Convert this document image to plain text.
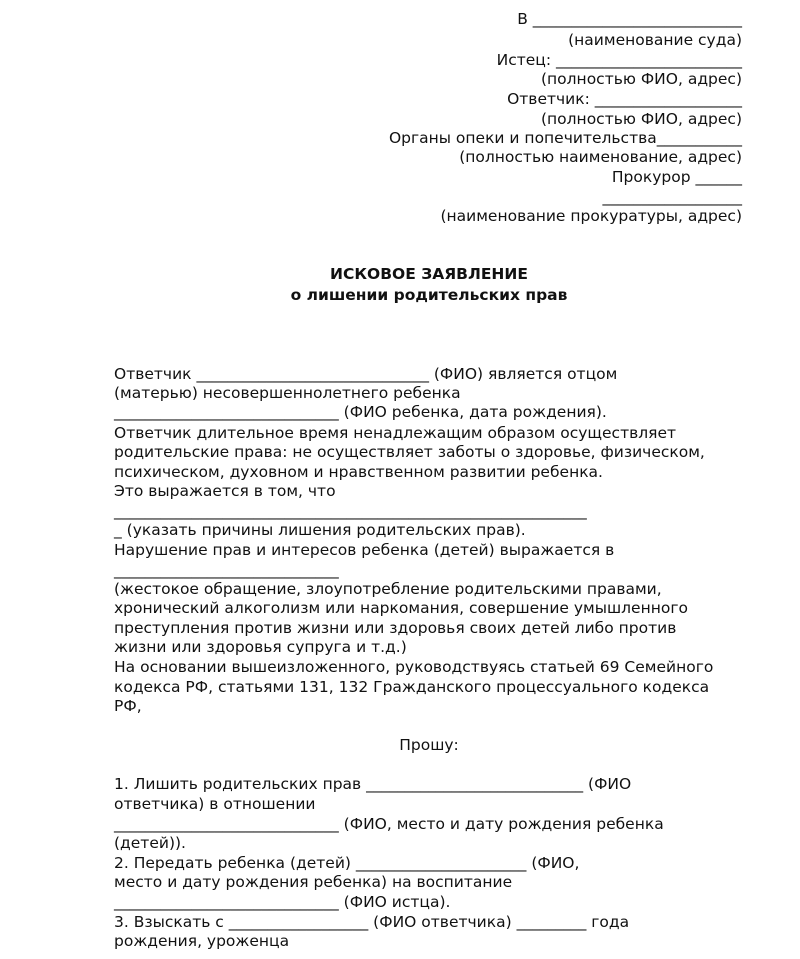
В ___________________________
(наименование суда)
Истец: ________________________
(полностью ФИО, адрес)
Ответчик: ___________________
(полностью ФИО, адрес)
Органы опеки и попечительства___________
(полностью наименование, адрес)
Прокурор ______
__________________
(наименование прокуратуры, адрес)
ИСКОВОЕ ЗАЯВЛЕНИЕ
о лишении родительских прав
Ответчик ______________________________ (ФИО) является отцом
(матерью) несовершеннолетнего ребенка
_____________________________ (ФИО ребенка, дата рождения).
Ответчик длительное время ненадлежащим образом осуществляет
родительские права: не осуществляет заботы о здоровье, физическом,
психическом, духовном и нравственном развитии ребенка.
Это выражается в том, что
_____________________________________________________________
_ (указать причины лишения родительских прав).
Нарушение прав и интересов ребенка (детей) выражается в
_____________________________
(жестокое обращение, злоупотребление родительскими правами,
хронический алкоголизм или наркомания, совершение умышленного
преступления против жизни или здоровья своих детей либо против
жизни или здоровья супруга и т.д.)
На основании вышеизложенного, руководствуясь статьей 69 Семейного
кодекса РФ, статьями 131, 132 Гражданского процессуального кодекса
РФ,
Прошу:
1. Лишить родительских прав ____________________________ (ФИО
ответчика) в отношении
_____________________________ (ФИО, место и дату рождения ребенка
(детей)).
2. Передать ребенка (детей) ______________________ (ФИО,
место и дату рождения ребенка) на воспитание
_____________________________ (ФИО истца).
3. Взыскать с __________________ (ФИО ответчика) _________ года
рождения, уроженца
